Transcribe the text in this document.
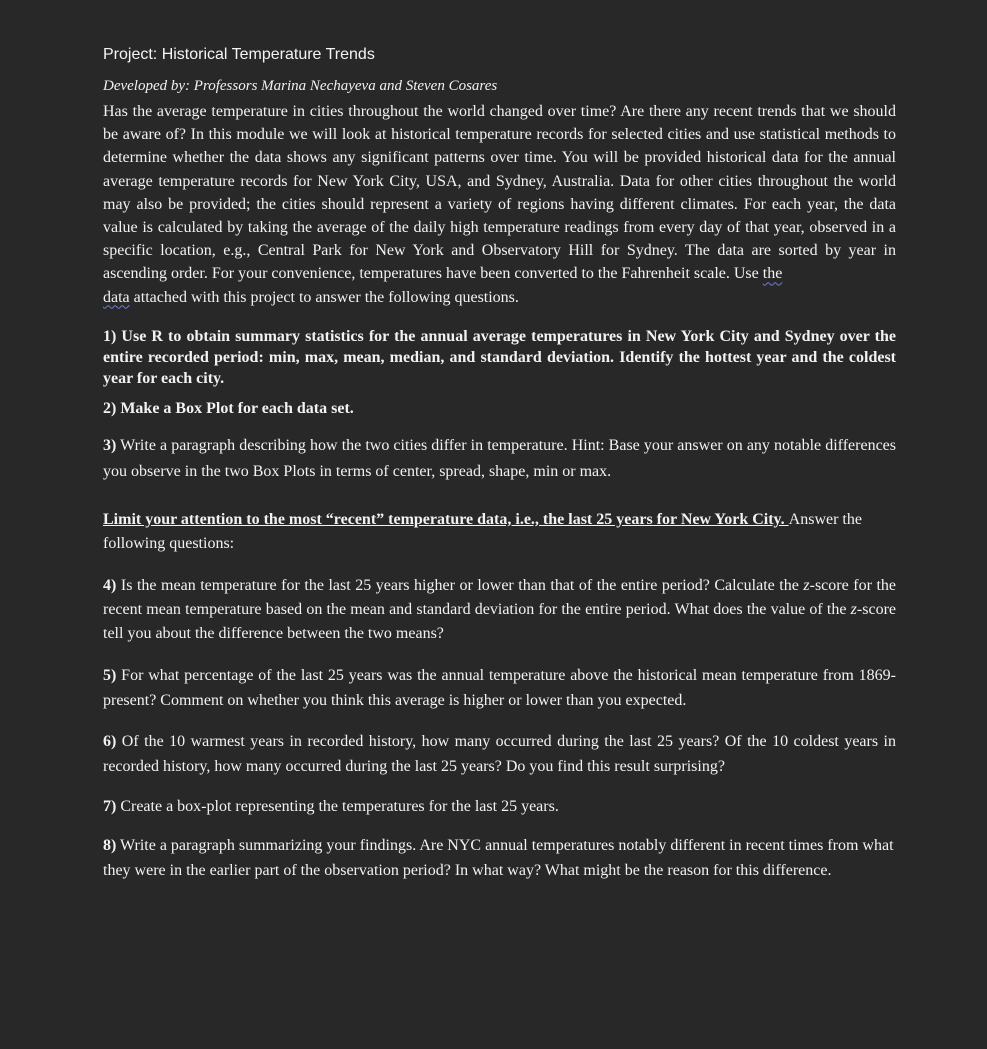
Project: Historical Temperature Trends

Developed by: Professors Marina Nechayeva and Steven Cosares

Has the average temperature in cities throughout the world changed over time? Are there any recent trends that we should be aware of? In this module we will look at historical temperature records for selected cities and use statistical methods to determine whether the data shows any significant patterns over time. You will be provided historical data for the annual average temperature records for New York City, USA, and Sydney, Australia. Data for other cities throughout the world may also be provided; the cities should represent a variety of regions having different climates. For each year, the data value is calculated by taking the average of the daily high temperature readings from every day of that year, observed in a specific location, e.g., Central Park for New York and Observatory Hill for Sydney. The data are sorted by year in ascending order. For your convenience, temperatures have been converted to the Fahrenheit scale. Use the
data attached with this project to answer the following questions.

1) Use R to obtain summary statistics for the annual average temperatures in New York City and Sydney over the entire recorded period: min, max, mean, median, and standard deviation. Identify the hottest year and the coldest year for each city.

2) Make a Box Plot for each data set.

3) Write a paragraph describing how the two cities differ in temperature. Hint: Base your answer on any notable differences you observe in the two Box Plots in terms of center, spread, shape, min or max.

Limit your attention to the most “recent” temperature data, i.e., the last 25 years for New York City. Answer the following questions:

4) Is the mean temperature for the last 25 years higher or lower than that of the entire period? Calculate the z-score for the recent mean temperature based on the mean and standard deviation for the entire period. What does the value of the z-score tell you about the difference between the two means?

5) For what percentage of the last 25 years was the annual temperature above the historical mean temperature from 1869-present? Comment on whether you think this average is higher or lower than you expected.

6) Of the 10 warmest years in recorded history, how many occurred during the last 25 years? Of the 10 coldest years in recorded history, how many occurred during the last 25 years? Do you find this result surprising?

7) Create a box-plot representing the temperatures for the last 25 years.

8) Write a paragraph summarizing your findings. Are NYC annual temperatures notably different in recent times from what they were in the earlier part of the observation period? In what way? What might be the reason for this difference.
